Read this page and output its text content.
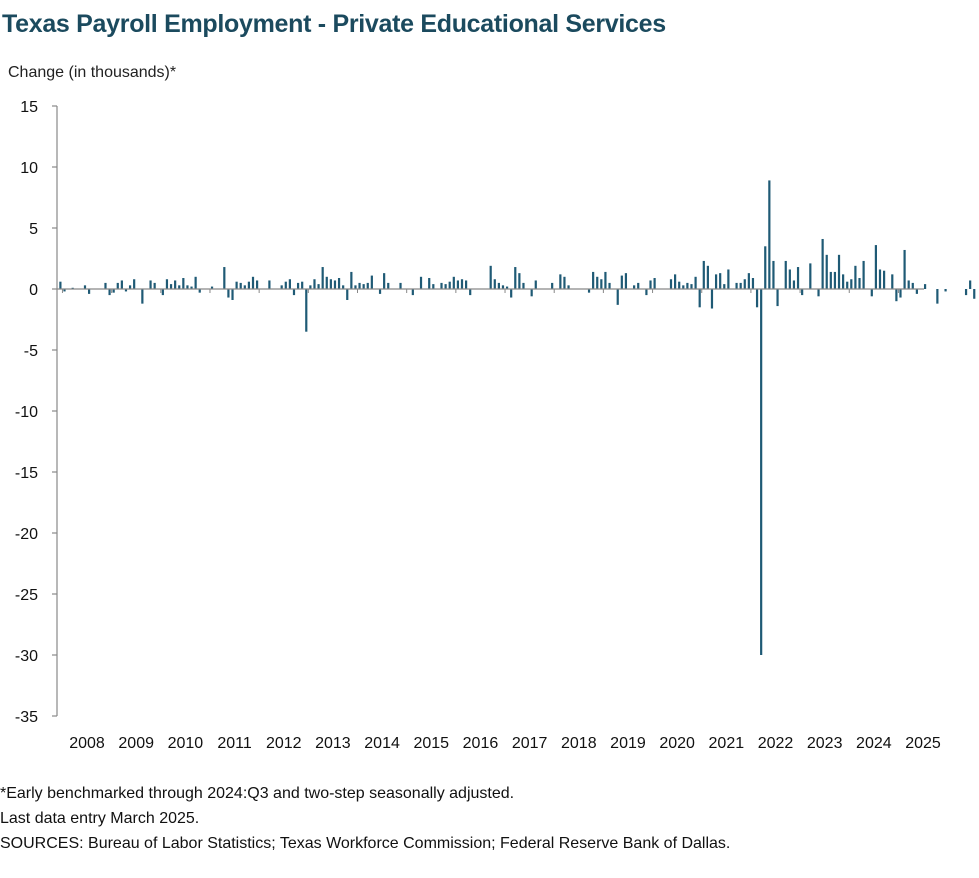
Texas Payroll Employment - Private Educational Services
Change (in thousands)*
15
10
5
0
-5
-10
-15
-20
-25
-30
-35
2008 2009 2010 2011 2012 2013 2014 2015 2016 2017 2018 2019 2020 2021 2022 2023 2024 2025
*Early benchmarked through 2024:Q3 and two-step seasonally adjusted.
Last data entry March 2025.
SOURCES: Bureau of Labor Statistics; Texas Workforce Commission; Federal Reserve Bank of Dallas.
